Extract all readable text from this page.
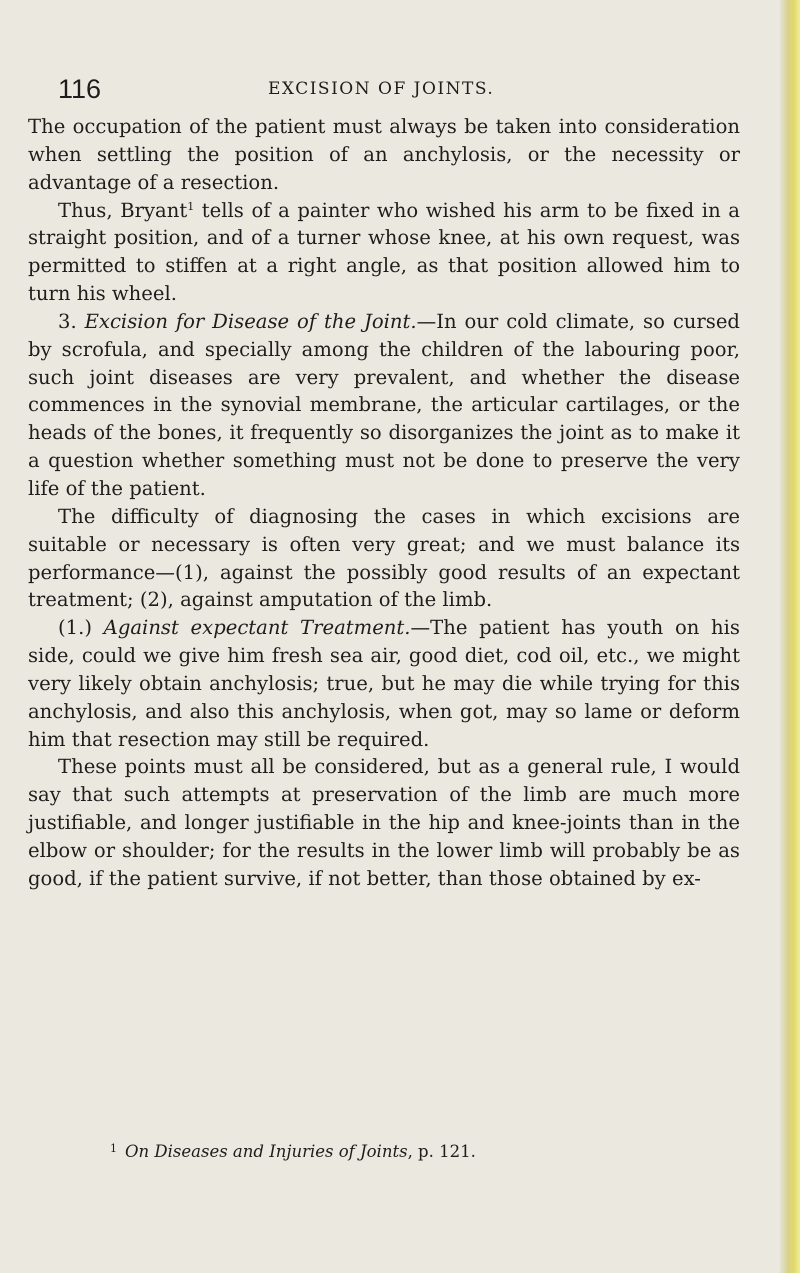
116	EXCISION OF JOINTS.

The occupation of the patient must always be taken into consideration when settling the position of an anchylosis, or the necessity or advantage of a resection.

Thus, Bryant$^1$ tells of a painter who wished his arm to be fixed in a straight position, and of a turner whose knee, at his own request, was permitted to stiffen at a right angle, as that position allowed him to turn his wheel.

3. Excision for Disease of the Joint.—In our cold climate, so cursed by scrofula, and specially among the children of the labouring poor, such joint diseases are very prevalent, and whether the disease commences in the synovial membrane, the articular cartilages, or the heads of the bones, it frequently so disorganizes the joint as to make it a question whether something must not be done to preserve the very life of the patient.

The difficulty of diagnosing the cases in which excisions are suitable or necessary is often very great; and we must balance its performance—(1), against the possibly good results of an expectant treatment; (2), against amputation of the limb.

(1.) Against expectant Treatment.—The patient has youth on his side, could we give him fresh sea air, good diet, cod oil, etc., we might very likely obtain anchylosis; true, but he may die while trying for this anchylosis, and also this anchylosis, when got, may so lame or deform him that resection may still be required.

These points must all be considered, but as a general rule, I would say that such attempts at preservation of the limb are much more justifiable, and longer justifiable in the hip and knee-joints than in the elbow or shoulder; for the results in the lower limb will probably be as good, if the patient survive, if not better, than those obtained by ex-

$^1$ On Diseases and Injuries of Joints, p. 121.
